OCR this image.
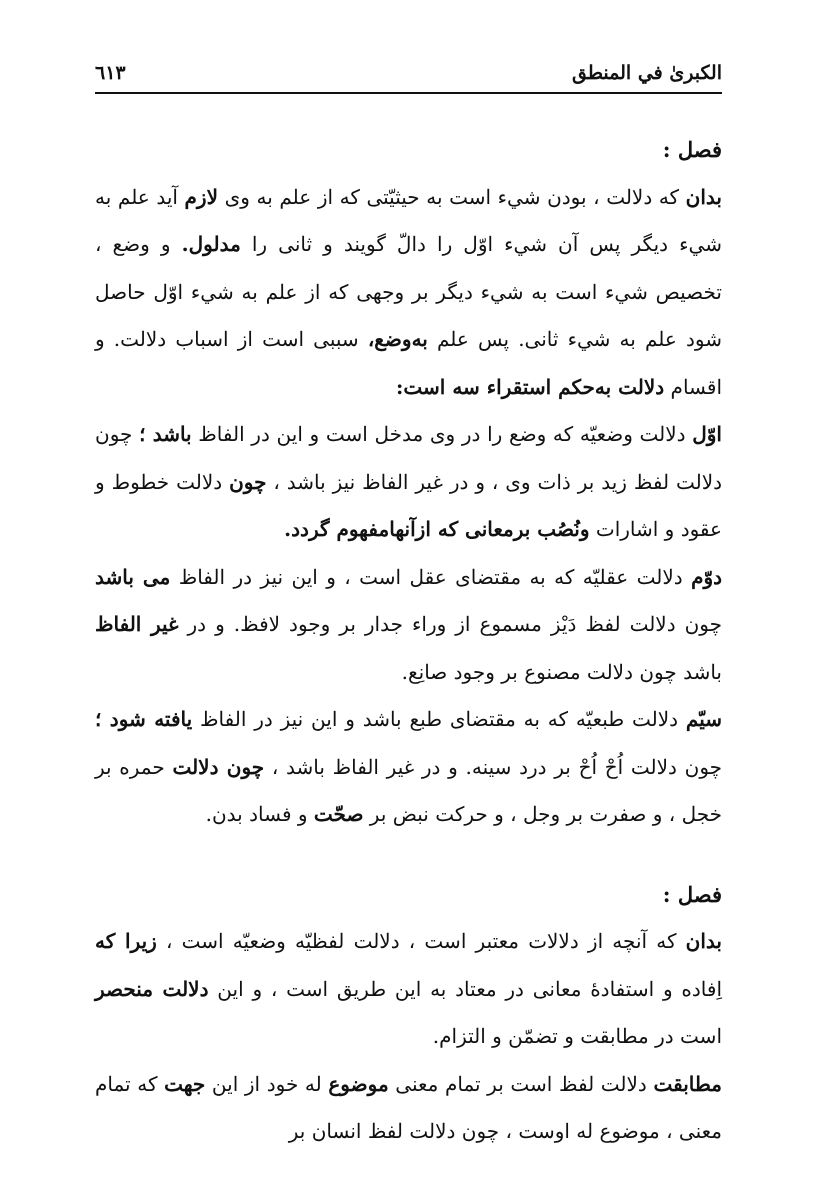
الكبرىٰ في المنطق
٦١٣

فصل :

بدان كه دلالت ، بودن شيء است به حيثيّتى كه از علم به وى لازم آيد علم به شيء ديگر پس آن شيء اوّل را دالّ گويند و ثانى را مدلول. و وضع ، تخصيص شيء است به شيء ديگر بر وجهى كه از علم به شيء اوّل حاصل شود علم به شيء ثانى. پس علم به‌وضع، سببى است از اسباب دلالت. و اقسام دلالت به‌حكم استقراء سه است:

اوّل دلالت وضعيّه كه وضع را در وى مدخل است و اين در الفاظ باشد ؛ چون دلالت لفظ زيد بر ذات وى ، و در غير الفاظ نيز باشد ، چون دلالت خطوط و عقود و اشارات ونُصُب برمعانى كه ازآنهامفهوم گردد.

دوّم دلالت عقليّه كه به مقتضاى عقل است ، و اين نيز در الفاظ مى باشد چون دلالت لفظ دَيْز مسموع از وراء جدار بر وجود لافظ. و در غير الفاظ باشد چون دلالت مصنوع بر وجود صانِع.

سيّم دلالت طبعيّه كه به مقتضاى طبع باشد و اين نيز در الفاظ يافته شود ؛ چون دلالت اُحْ اُحْ بر درد سينه. و در غير الفاظ باشد ، چون دلالت حمره بر خجل ، و صفرت بر وجل ، و حركت نبض بر صحّت و فساد بدن.

فصل :

بدان كه آنچه از دلالات معتبر است ، دلالت لفظيّه وضعيّه است ، زيرا كه اِفاده و استفادهٔ معانى در معتاد به اين طريق است ، و اين دلالت منحصر است در مطابقت و تضمّن و التزام.

مطابقت دلالت لفظ است بر تمام معنى موضوع له خود از اين جهت كه تمام معنى ، موضوع له اوست ، چون دلالت لفظ انسان بر
